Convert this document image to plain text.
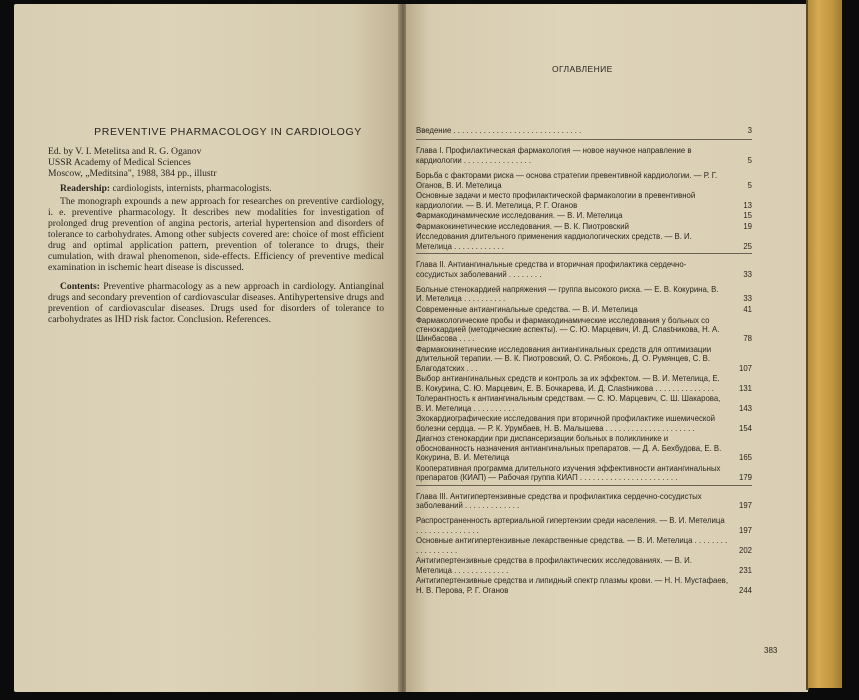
PREVENTIVE PHARMACOLOGY IN CARDIOLOGY
Ed. by V. I. Metelitsa and R. G. Oganov
USSR Academy of Medical Sciences
Moscow, „Meditsina", 1988, 384 pp., illustr
Readership: cardiologists, internists, pharmacologists.
The monograph expounds a new approach for researches on preventive cardiology, i. e. preventive pharmacology. It describes new modalities for investigation of prolonged drug prevention of angina pectoris, arterial hypertension and disorders of tolerance to carbohydrates. Among other subjects covered are: choice of most efficient drug and optimal application pattern, prevention of tolerance to drugs, their cumulation, with drawal phenomenon, side-effects. Efficiency of preventive medical examination in ischemic heart disease is discussed.
Contents: Preventive pharmacology as a new approach in cardiology. Antianginal drugs and secondary prevention of cardiovascular diseases. Antihypertensive drugs and prevention of cardiovascular diseases. Drugs used for disorders of tolerance to carbohydrates as IHD risk factor. Conclusion. References.
ОГЛАВЛЕНИЕ
Введение . . . . . . . . . . . . . . . . . . . . . . . . . . . . . .	3
Глава I. Профилактическая фармакология — новое научное направление в кардиологии . . . . . . . . . . . . . . . .	5
Борьба с факторами риска — основа стратегии превентивной кардиологии. — Р. Г. Оганов, В. И. Метелица	5
Основные задачи и место профилактической фармакологии в превентивной кардиологии. — В. И. Метелица, Р. Г. Оганов	13
Фармакодинамические исследования. — В. И. Метелица	15
Фармакокинетические исследования. — В. К. Пиотровский	19
Исследования длительного применения кардиологических средств. — В. И. Метелица . . . . . . . . . . . .	25
Глава II. Антиангинальные средства и вторичная профилактика сердечно-сосудистых заболеваний . . . . . . . .	33
Больные стенокардией напряжения — группа высокого риска. — Е. В. Кокурина, В. И. Метелица . . . . . . . . . .	33
Современные антиангинальные средства. — В. И. Метелица	41
Фармакологические пробы и фармакодинамические исследования у больных со стенокардией (методические аспекты). — С. Ю. Марцевич, И. Д. Слastникова, Н. А. Шинбасова . . . .	78
Фармакокинетические исследования антиангинальных средств для оптимизации длительной терапии. — В. К. Пиотровский, О. С. Рябоконь, Д. О. Румянцев, С. В. Благодатских . . .	107
Выбор антиангинальных средств и контроль за их эффектом. — В. И. Метелица, Е. В. Кокурина, С. Ю. Марцевич, Е. В. Бочкарева, И. Д. Слastникова . . . . . . . . . . . . . .	131
Толерантность к антиангинальным средствам. — С. Ю. Марцевич, С. Ш. Шакарова, В. И. Метелица . . . . . . . . . .	143
Эхокардиографические исследования при вторичной профилактике ишемической болезни сердца. — Р. К. Урумбаев, Н. В. Малышева . . . . . . . . . . . . . . . . . . . . .	154
Диагноз стенокардии при диспансеризации больных в поликлинике и обоснованность назначения антиангинальных препаратов. — Д. А. Бехбудова, Е. В. Кокурина, В. И. Метелица	165
Кооперативная программа длительного изучения эффективности антиангинальных препаратов (КИАП) — Рабочая группа КИАП . . . . . . . . . . . . . . . . . . . . . . .	179
Глава III. Антигипертензивные средства и профилактика сердечно-сосудистых заболеваний . . . . . . . . . . . . .	197
Распространенность артериальной гипертензии среди населения. — В. И. Метелица . . . . . . . . . . . . . . .	197
Основные антигипертензивные лекарственные средства. — В. И. Метелица . . . . . . . . . . . . . . . . . .	202
Антигипертензивные средства в профилактических исследованиях. — В. И. Метелица . . . . . . . . . . . . .	231
Антигипертензивные средства и липидный спектр плазмы крови. — Н. Н. Мустафаев, Н. В. Перова, Р. Г. Оганов	244
383
